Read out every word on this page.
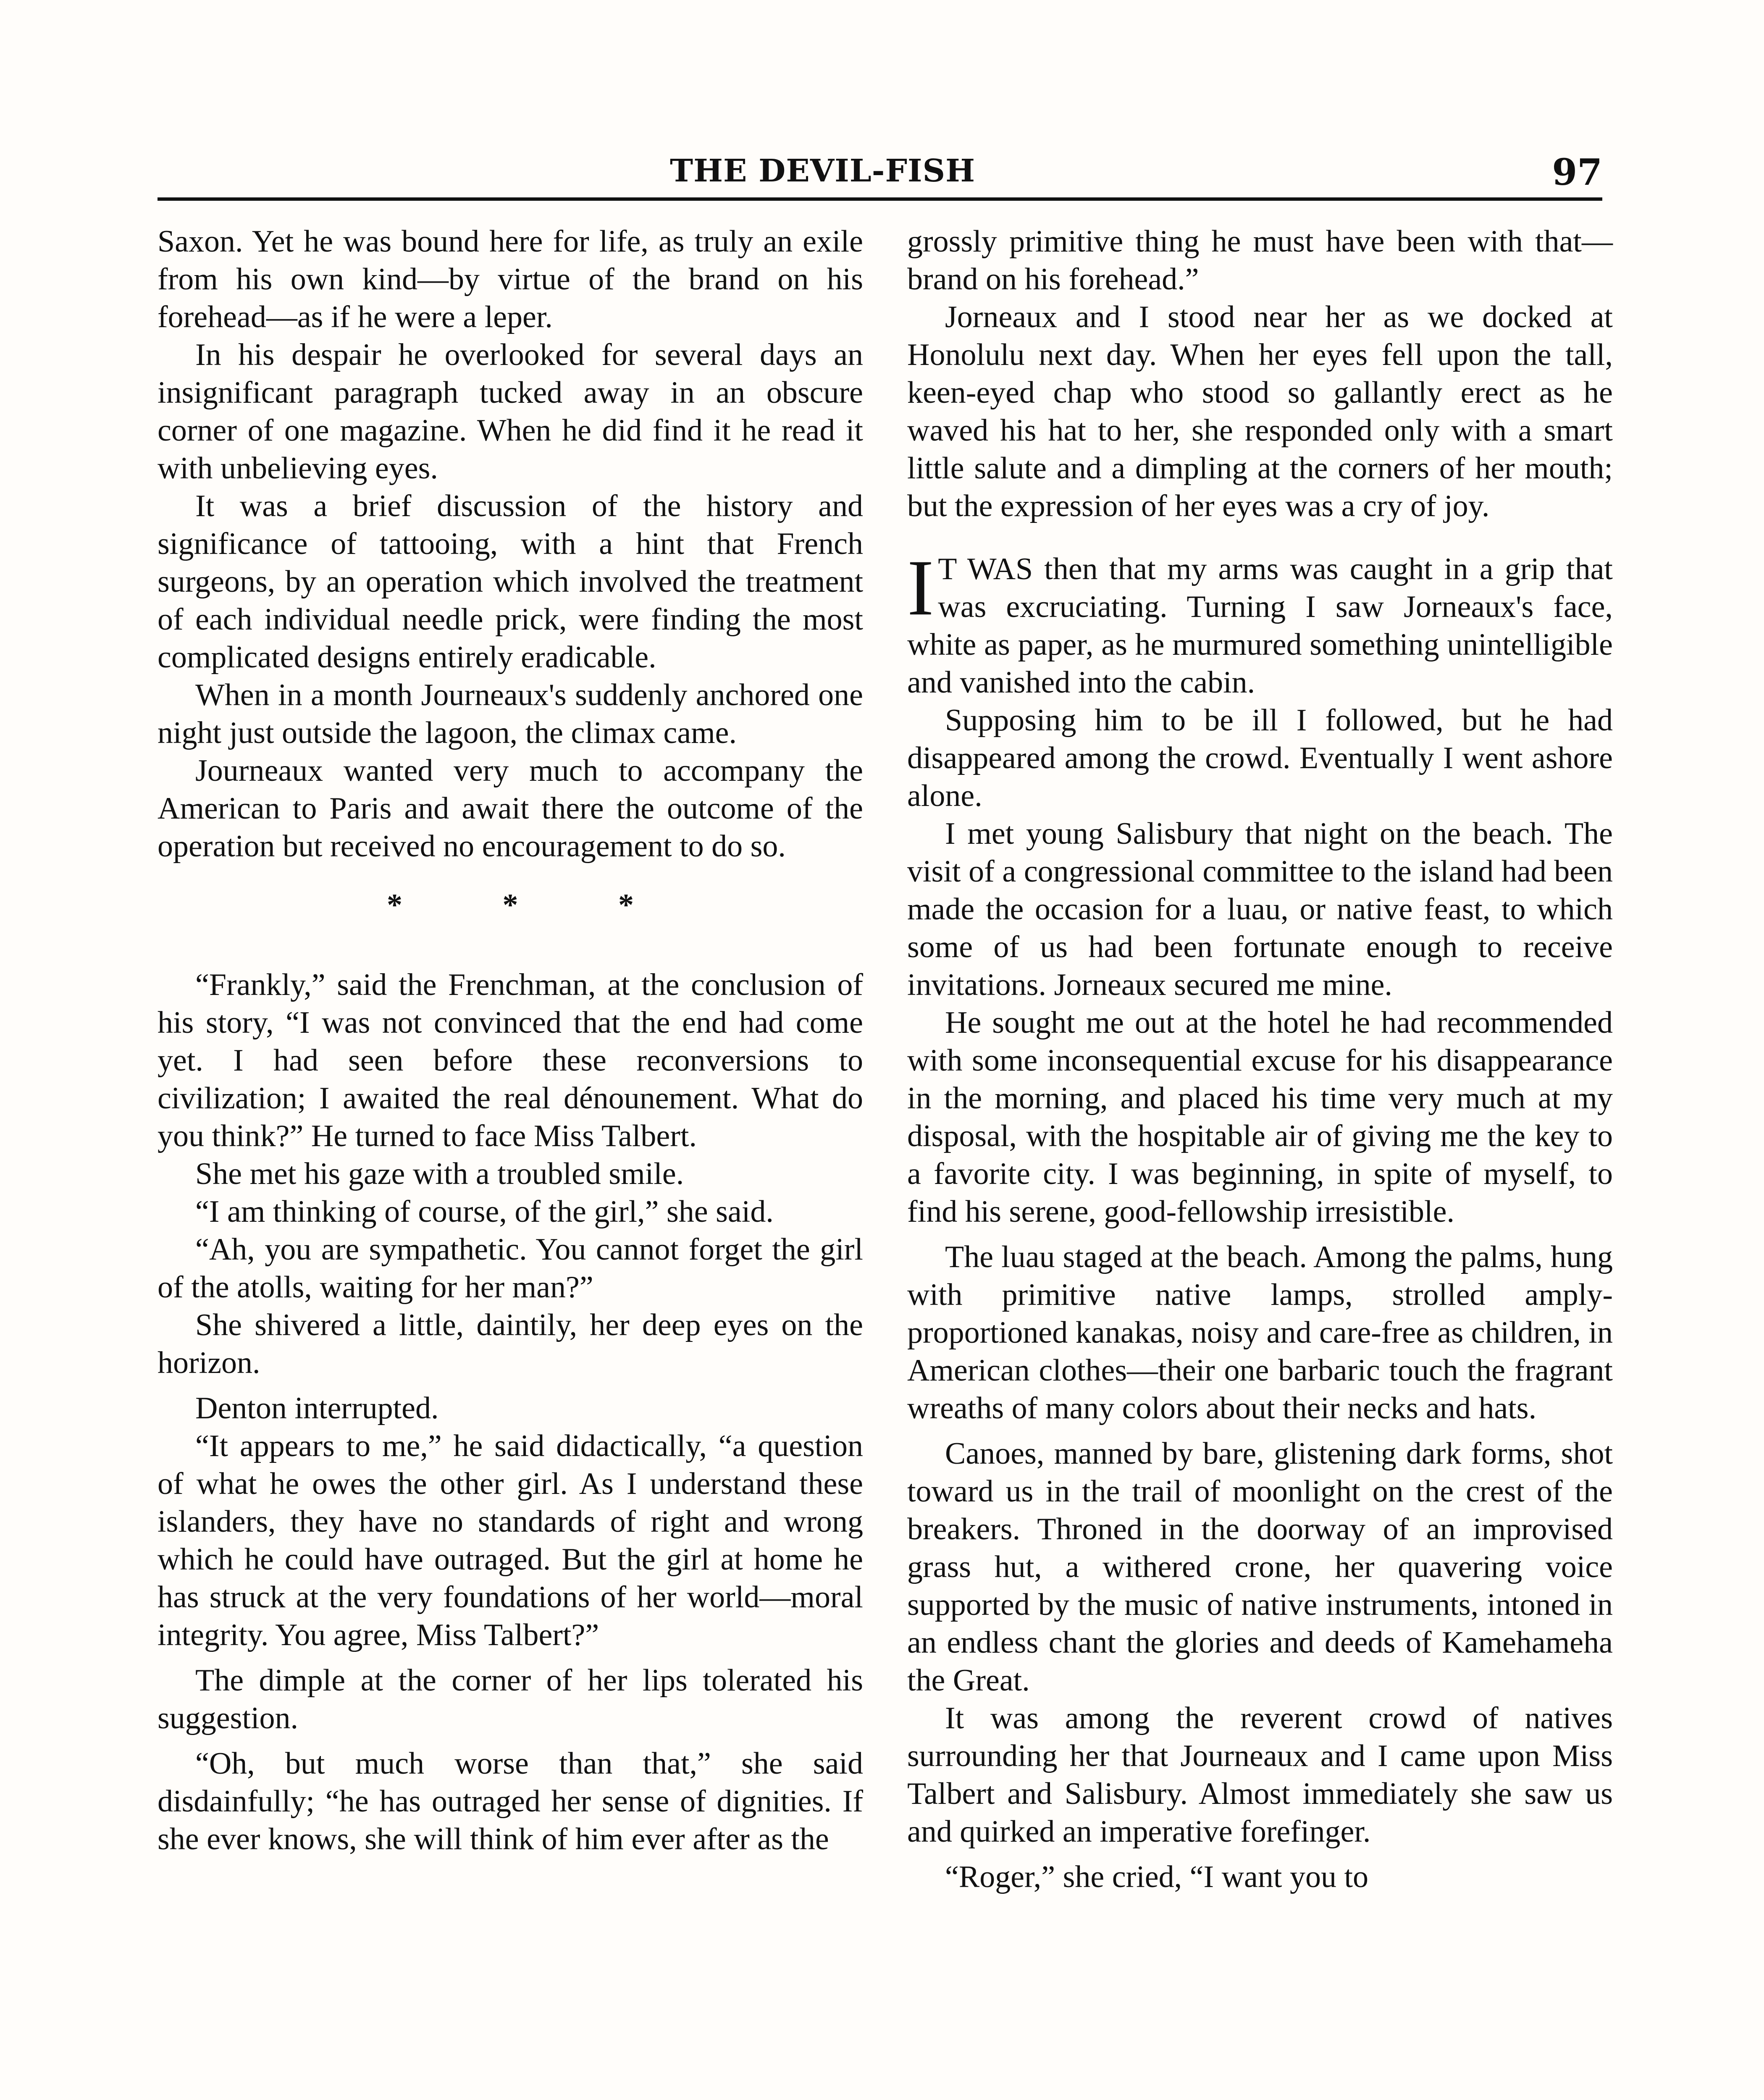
THE DEVIL-FISH	97

Saxon. Yet he was bound here for life, as truly an exile from his own kind—by virtue of the brand on his forehead—as if he were a leper.

In his despair he overlooked for several days an insignificant paragraph tucked away in an obscure corner of one magazine. When he did find it he read it with unbelieving eyes.

It was a brief discussion of the history and significance of tattooing, with a hint that French surgeons, by an operation which involved the treatment of each individual needle prick, were finding the most complicated designs entirely eradicable.

When in a month Journeaux's suddenly anchored one night just outside the lagoon, the climax came.

Journeaux wanted very much to accompany the American to Paris and await there the outcome of the operation but received no encouragement to do so.

* * *

“Frankly,” said the Frenchman, at the conclusion of his story, “I was not convinced that the end had come yet. I had seen before these reconversions to civilization; I awaited the real dénounement. What do you think?” He turned to face Miss Talbert.

She met his gaze with a troubled smile.

“I am thinking of course, of the girl,” she said.

“Ah, you are sympathetic. You cannot forget the girl of the atolls, waiting for her man?”

She shivered a little, daintily, her deep eyes on the horizon.

Denton interrupted.

“It appears to me,” he said didactically, “a question of what he owes the other girl. As I understand these islanders, they have no standards of right and wrong which he could have outraged. But the girl at home he has struck at the very foundations of her world—moral integrity. You agree, Miss Talbert?”

The dimple at the corner of her lips tolerated his suggestion.

“Oh, but much worse than that,” she said disdainfully; “he has outraged her sense of dignities. If she ever knows, she will think of him ever after as the

grossly primitive thing he must have been with that—brand on his forehead.”

Jorneaux and I stood near her as we docked at Honolulu next day. When her eyes fell upon the tall, keen-eyed chap who stood so gallantly erect as he waved his hat to her, she responded only with a smart little salute and a dimpling at the corners of her mouth; but the expression of her eyes was a cry of joy.

I T WAS then that my arms was caught in a grip that was excruciating. Turning I saw Jorneaux's face, white as paper, as he murmured something unintelligible and vanished into the cabin.

Supposing him to be ill I followed, but he had disappeared among the crowd. Eventually I went ashore alone.

I met young Salisbury that night on the beach. The visit of a congressional committee to the island had been made the occasion for a luau, or native feast, to which some of us had been fortunate enough to receive invitations. Jorneaux secured me mine.

He sought me out at the hotel he had recommended with some inconsequential excuse for his disappearance in the morning, and placed his time very much at my disposal, with the hospitable air of giving me the key to a favorite city. I was beginning, in spite of myself, to find his serene, good-fellowship irresistible.

The luau staged at the beach. Among the palms, hung with primitive native lamps, strolled amply-proportioned kanakas, noisy and care-free as children, in American clothes—their one barbaric touch the fragrant wreaths of many colors about their necks and hats.

Canoes, manned by bare, glistening dark forms, shot toward us in the trail of moonlight on the crest of the breakers. Throned in the doorway of an improvised grass hut, a withered crone, her quavering voice supported by the music of native instruments, intoned in an endless chant the glories and deeds of Kamehameha the Great.

It was among the reverent crowd of natives surrounding her that Journeaux and I came upon Miss Talbert and Salisbury. Almost immediately she saw us and quirked an imperative forefinger.

“Roger,” she cried, “I want you to
